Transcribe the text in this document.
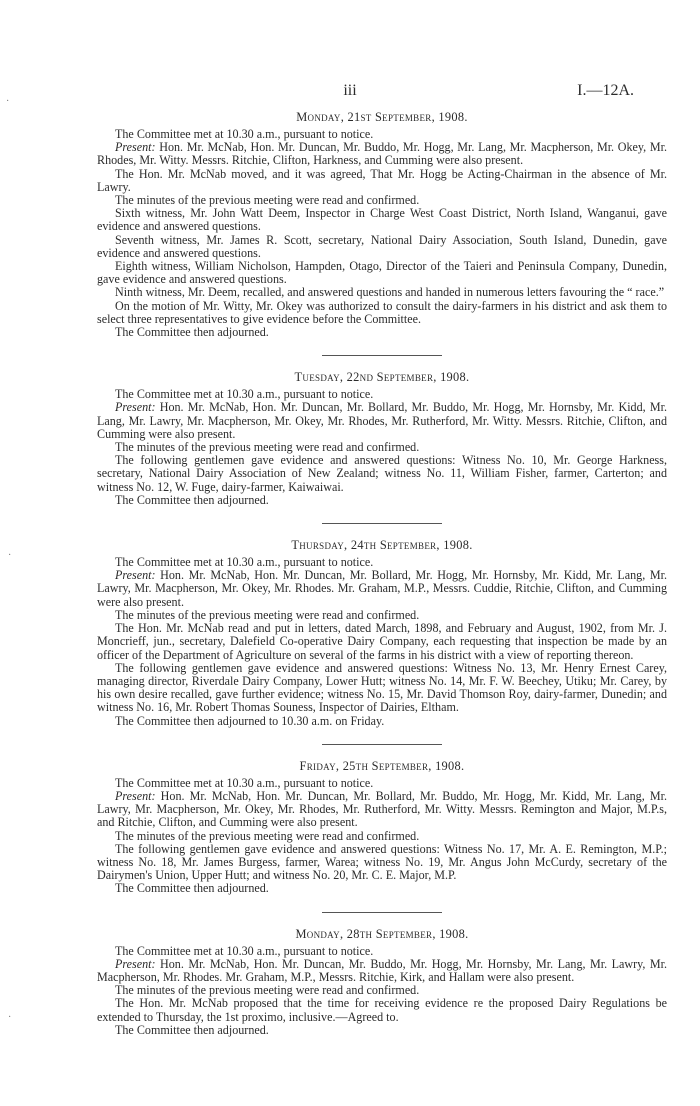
iii	I.—12A.
·
·
·
Monday, 21st September, 1908.

The Committee met at 10.30 a.m., pursuant to notice.

Present: Hon. Mr. McNab, Hon. Mr. Duncan, Mr. Buddo, Mr. Hogg, Mr. Lang, Mr. Macpherson, Mr. Okey, Mr. Rhodes, Mr. Witty. Messrs. Ritchie, Clifton, Harkness, and Cumming were also present.

The Hon. Mr. McNab moved, and it was agreed, That Mr. Hogg be Acting-Chairman in the absence of Mr. Lawry.

The minutes of the previous meeting were read and confirmed.

Sixth witness, Mr. John Watt Deem, Inspector in Charge West Coast District, North Island, Wanganui, gave evidence and answered questions.

Seventh witness, Mr. James R. Scott, secretary, National Dairy Association, South Island, Dunedin, gave evidence and answered questions.

Eighth witness, William Nicholson, Hampden, Otago, Director of the Taieri and Peninsula Company, Dunedin, gave evidence and answered questions.

Ninth witness, Mr. Deem, recalled, and answered questions and handed in numerous letters favouring the “ race.”

On the motion of Mr. Witty, Mr. Okey was authorized to consult the dairy-farmers in his district and ask them to select three representatives to give evidence before the Committee.

The Committee then adjourned.

Tuesday, 22nd September, 1908.

The Committee met at 10.30 a.m., pursuant to notice.

Present: Hon. Mr. McNab, Hon. Mr. Duncan, Mr. Bollard, Mr. Buddo, Mr. Hogg, Mr. Hornsby, Mr. Kidd, Mr. Lang, Mr. Lawry, Mr. Macpherson, Mr. Okey, Mr. Rhodes, Mr. Rutherford, Mr. Witty. Messrs. Ritchie, Clifton, and Cumming were also present.

The minutes of the previous meeting were read and confirmed.

The following gentlemen gave evidence and answered questions: Witness No. 10, Mr. George Harkness, secretary, National Dairy Association of New Zealand; witness No. 11, William Fisher, farmer, Carterton; and witness No. 12, W. Fuge, dairy-farmer, Kaiwaiwai.

The Committee then adjourned.

Thursday, 24th September, 1908.

The Committee met at 10.30 a.m., pursuant to notice.

Present: Hon. Mr. McNab, Hon. Mr. Duncan, Mr. Bollard, Mr. Hogg, Mr. Hornsby, Mr. Kidd, Mr. Lang, Mr. Lawry, Mr. Macpherson, Mr. Okey, Mr. Rhodes. Mr. Graham, M.P., Messrs. Cuddie, Ritchie, Clifton, and Cumming were also present.

The minutes of the previous meeting were read and confirmed.

The Hon. Mr. McNab read and put in letters, dated March, 1898, and February and August, 1902, from Mr. J. Moncrieff, jun., secretary, Dalefield Co-operative Dairy Company, each requesting that inspection be made by an officer of the Department of Agriculture on several of the farms in his district with a view of reporting thereon.

The following gentlemen gave evidence and answered questions: Witness No. 13, Mr. Henry Ernest Carey, managing director, Riverdale Dairy Company, Lower Hutt; witness No. 14, Mr. F. W. Beechey, Utiku; Mr. Carey, by his own desire recalled, gave further evidence; witness No. 15, Mr. David Thomson Roy, dairy-farmer, Dunedin; and witness No. 16, Mr. Robert Thomas Souness, Inspector of Dairies, Eltham.

The Committee then adjourned to 10.30 a.m. on Friday.

Friday, 25th September, 1908.

The Committee met at 10.30 a.m., pursuant to notice.

Present: Hon. Mr. McNab, Hon. Mr. Duncan, Mr. Bollard, Mr. Buddo, Mr. Hogg, Mr. Kidd, Mr. Lang, Mr. Lawry, Mr. Macpherson, Mr. Okey, Mr. Rhodes, Mr. Rutherford, Mr. Witty. Messrs. Remington and Major, M.P.s, and Ritchie, Clifton, and Cumming were also present.

The minutes of the previous meeting were read and confirmed.

The following gentlemen gave evidence and answered questions: Witness No. 17, Mr. A. E. Remington, M.P.; witness No. 18, Mr. James Burgess, farmer, Warea; witness No. 19, Mr. Angus John McCurdy, secretary of the Dairymen's Union, Upper Hutt; and witness No. 20, Mr. C. E. Major, M.P.

The Committee then adjourned.

Monday, 28th September, 1908.

The Committee met at 10.30 a.m., pursuant to notice.

Present: Hon. Mr. McNab, Hon. Mr. Duncan, Mr. Buddo, Mr. Hogg, Mr. Hornsby, Mr. Lang, Mr. Lawry, Mr. Macpherson, Mr. Rhodes. Mr. Graham, M.P., Messrs. Ritchie, Kirk, and Hallam were also present.

The minutes of the previous meeting were read and confirmed.

The Hon. Mr. McNab proposed that the time for receiving evidence re the proposed Dairy Regulations be extended to Thursday, the 1st proximo, inclusive.—Agreed to.

The Committee then adjourned.
